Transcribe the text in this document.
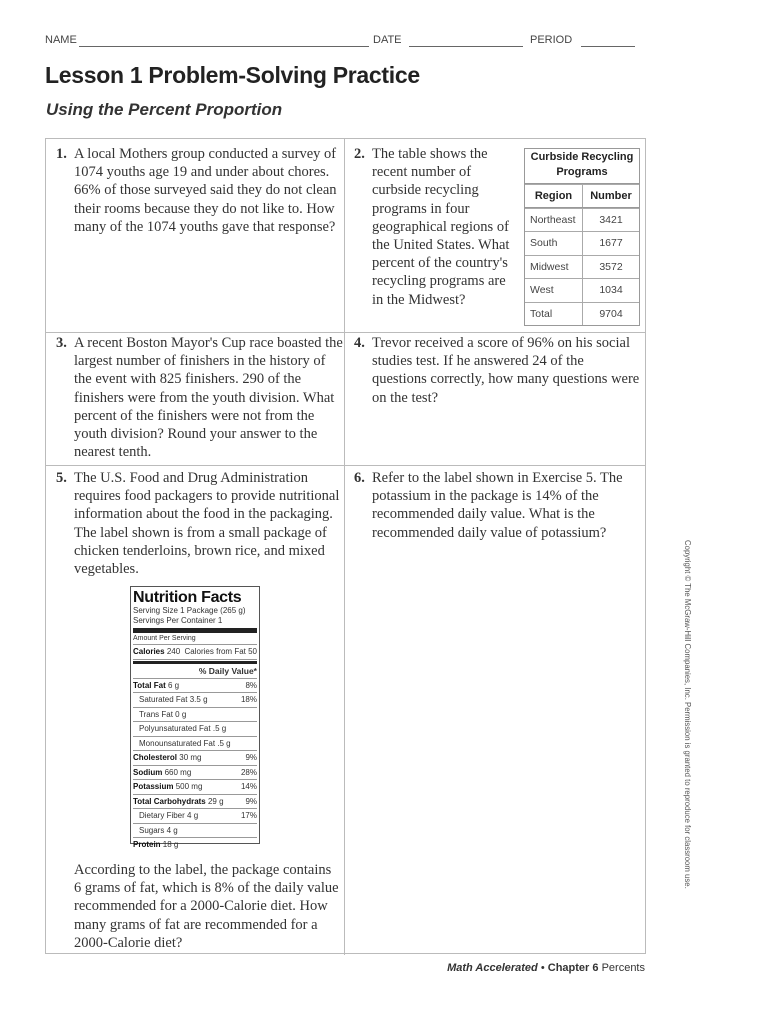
NAME	DATE	PERIOD
Lesson 1 Problem-Solving Practice
Using the Percent Proportion
1. A local Mothers group conducted a survey of 1074 youths age 19 and under about chores. 66% of those surveyed said they do not clean their rooms because they do not like to. How many of the 1074 youths gave that response?
2. The table shows the recent number of curbside recycling programs in four geographical regions of the United States. What percent of the country's recycling programs are in the Midwest?
Curbside Recycling Programs
Region	Number
Northeast	3421
South	1677
Midwest	3572
West	1034
Total	9704
3. A recent Boston Mayor's Cup race boasted the largest number of finishers in the history of the event with 825 finishers. 290 of the finishers were from the youth division. What percent of the finishers were not from the youth division? Round your answer to the nearest tenth.
4. Trevor received a score of 96% on his social studies test. If he answered 24 of the questions correctly, how many questions were on the test?
5. The U.S. Food and Drug Administration requires food packagers to provide nutritional information about the food in the packaging. The label shown is from a small package of chicken tenderloins, brown rice, and mixed vegetables.
Nutrition Facts
Serving Size 1 Package (265 g)
Servings Per Container 1
Amount Per Serving
Calories 240 Calories from Fat 50
% Daily Value*
Total Fat 6 g	8%
Saturated Fat 3.5 g	18%
Trans Fat 0 g
Polyunsaturated Fat .5 g
Monounsaturated Fat .5 g
Cholesterol 30 mg	9%
Sodium 660 mg	28%
Potassium 500 mg	14%
Total Carbohydrats 29 g	9%
Dietary Fiber 4 g	17%
Sugars 4 g
Protein 18 g
According to the label, the package contains 6 grams of fat, which is 8% of the daily value recommended for a 2000-Calorie diet. How many grams of fat are recommended for a 2000-Calorie diet?
6. Refer to the label shown in Exercise 5. The potassium in the package is 14% of the recommended daily value. What is the recommended daily value of potassium?
Copyright © The McGraw-Hill Companies, Inc. Permission is granted to reproduce for classroom use.
Math Accelerated • Chapter 6 Percents
